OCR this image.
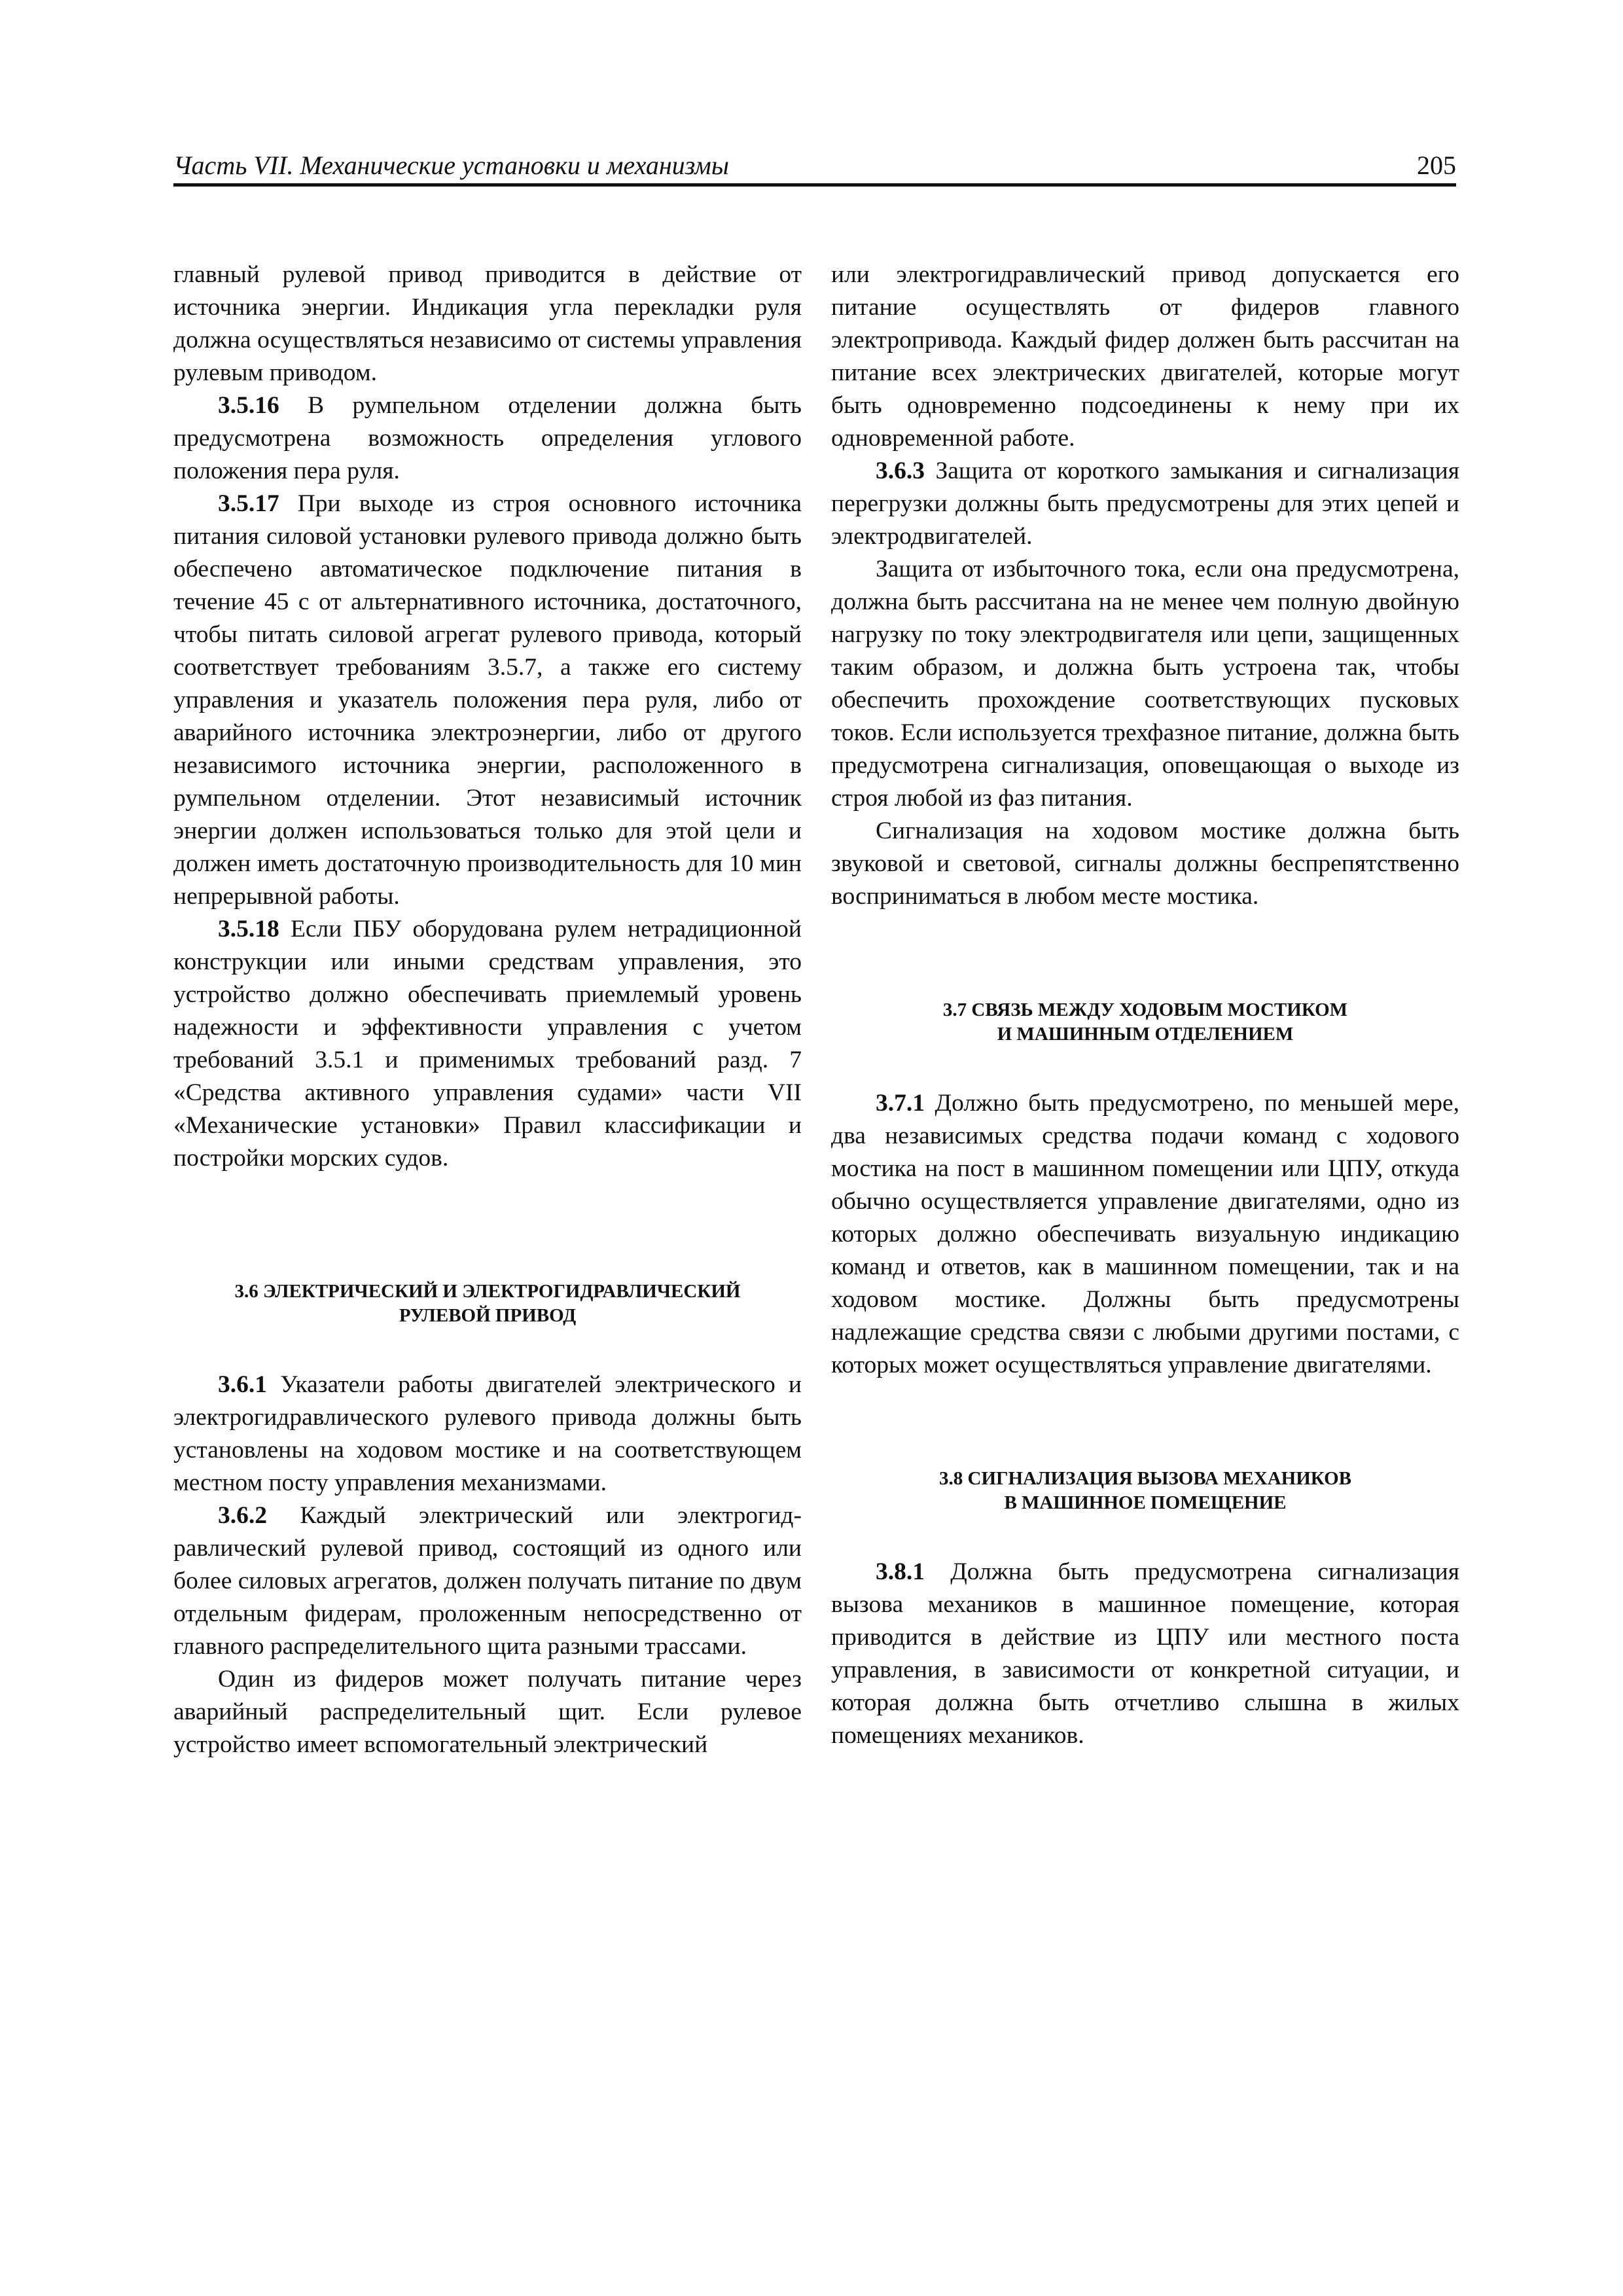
Часть VII. Механические установки и механизмы	205

главный рулевой привод приводится в действие от источника энергии. Индикация угла перекладки руля должна осуществляться независимо от системы управления рулевым приводом.

3.5.16 В румпельном отделении должна быть предусмотрена возможность определения углового положения пера руля.

3.5.17 При выходе из строя основного источника питания силовой установки рулевого привода должно быть обеспечено автоматическое подключение питания в течение 45 с от альтернативного источника, достаточного, чтобы питать силовой агрегат рулевого привода, который соответствует требованиям 3.5.7, а также его систему управления и указатель положения пера руля, либо от аварийного источника электроэнергии, либо от другого независимого источника энергии, расположенного в румпельном отделении. Этот независимый источник энергии должен использоваться только для этой цели и должен иметь достаточную производительность для 10 мин непрерывной работы.

3.5.18 Если ПБУ оборудована рулем нетрадиционной конструкции или иными средствам управления, это устройство должно обеспечивать приемлемый уровень надежности и эффективности управления с учетом требований 3.5.1 и применимых требований разд. 7 «Средства активного управления судами» части VII «Механические установки» Правил классификации и постройки морских судов.

3.6 ЭЛЕКТРИЧЕСКИЙ И ЭЛЕКТРОГИДРАВЛИЧЕСКИЙ
РУЛЕВОЙ ПРИВОД

3.6.1 Указатели работы двигателей электрического и электрогидравлического рулевого привода должны быть установлены на ходовом мостике и на соответствующем местном посту управления механизмами.

3.6.2 Каждый электрический или электрогидравлический рулевой привод, состоящий из одного или более силовых агрегатов, должен получать питание по двум отдельным фидерам, проложенным непосредственно от главного распределительного щита разными трассами.

Один из фидеров может получать питание через аварийный распределительный щит. Если рулевое устройство имеет вспомогательный электрический

или электрогидравлический привод допускается его питание осуществлять от фидеров главного электропривода. Каждый фидер должен быть рассчитан на питание всех электрических двигателей, которые могут быть одновременно подсоединены к нему при их одновременной работе.

3.6.3 Защита от короткого замыкания и сигнализация перегрузки должны быть предусмотрены для этих цепей и электродвигателей.

Защита от избыточного тока, если она предусмотрена, должна быть рассчитана на не менее чем полную двойную нагрузку по току электродвигателя или цепи, защищенных таким образом, и должна быть устроена так, чтобы обеспечить прохождение соответствующих пусковых токов. Если используется трехфазное питание, должна быть предусмотрена сигнализация, оповещающая о выходе из строя любой из фаз питания.

Сигнализация на ходовом мостике должна быть звуковой и световой, сигналы должны беспрепятственно восприниматься в любом месте мостика.

3.7 СВЯЗЬ МЕЖДУ ХОДОВЫМ МОСТИКОМ
И МАШИННЫМ ОТДЕЛЕНИЕМ

3.7.1 Должно быть предусмотрено, по меньшей мере, два независимых средства подачи команд с ходового мостика на пост в машинном помещении или ЦПУ, откуда обычно осуществляется управление двигателями, одно из которых должно обеспечивать визуальную индикацию команд и ответов, как в машинном помещении, так и на ходовом мостике. Должны быть предусмотрены надлежащие средства связи с любыми другими постами, с которых может осуществляться управление двигателями.

3.8 СИГНАЛИЗАЦИЯ ВЫЗОВА МЕХАНИКОВ
В МАШИННОЕ ПОМЕЩЕНИЕ

3.8.1 Должна быть предусмотрена сигнализация вызова механиков в машинное помещение, которая приводится в действие из ЦПУ или местного поста управления, в зависимости от конкретной ситуации, и которая должна быть отчетливо слышна в жилых помещениях механиков.
